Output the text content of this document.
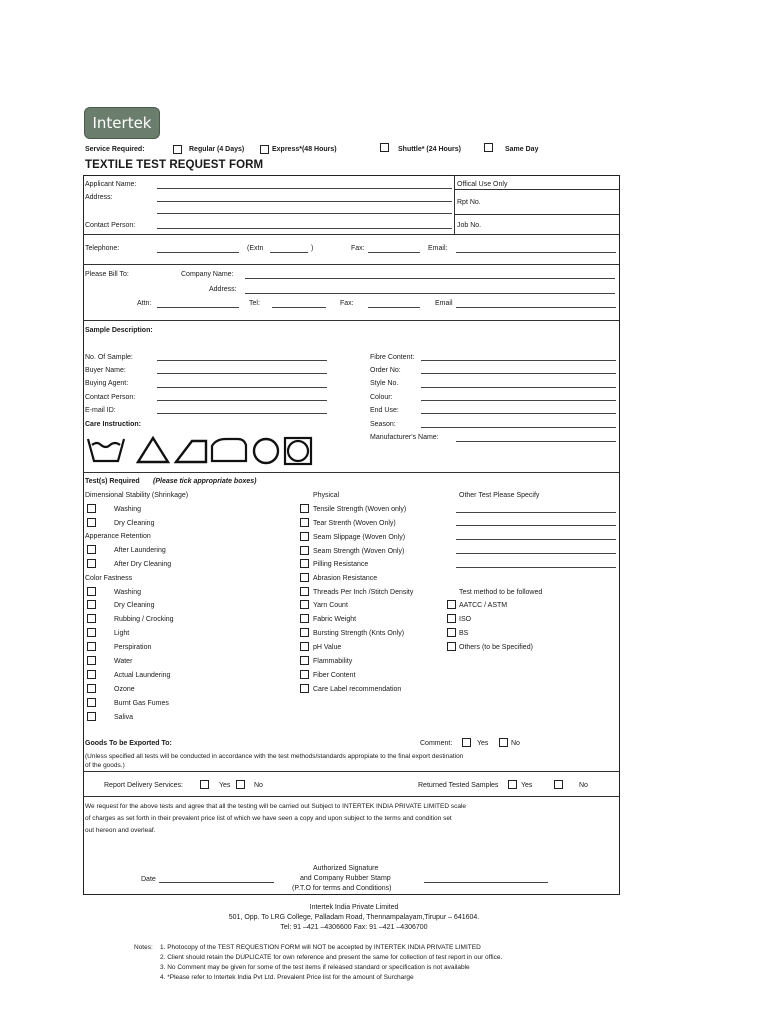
Intertek
Service Required:	Regular (4 Days)	Express*(48 Hours)	Shuttle* (24 Hours)	Same Day
TEXTILE TEST REQUEST FORM
Applicant Name:
Address:
Contact Person:
Offical Use Only
Rpt No.
Job No.
Telephone:	(Extn	)	Fax:	Email:
Please Bill To:	Company Name:
Address:
Attn:	Tel:	Fax:	Email
Sample Description:
No. Of Sample:
Buyer Name:
Buying Agent:
Contact Person:
E-mail ID:
Care Instruction:
Fibre Content:
Order No:
Style No.
Colour:
End Use:
Season:
Manufacturer's Name:
Test(s) Required (Please tick appropriate boxes)
Dimensional Stability (Shrinkage)
Washing
Dry Cleaning
Apperance Retention
After Laundering
After Dry Cleaning
Color Fastness
Washing
Dry Cleaning
Rubbing / Crocking
Light
Perspiration
Water
Actual Laundering
Ozone
Burnt Gas Fumes
Saliva
Physical
Tensile Strength (Woven only)
Tear Strenth (Woven Only)
Seam Slippage (Woven Only)
Seam Strength (Woven Only)
Pilling Resistance
Abrasion Resistance
Threads Per Inch /Stitch Density
Yarn Count
Fabric Weight
Bursting Strength (Knts Only)
pH Value
Flammability
Fiber Content
Care Label recommendation
Other Test Please Specify
Test method to be followed
AATCC / ASTM
ISO
BS
Others (to be Specified)
Goods To be Exported To:	Comment:	Yes	No
(Unless specified all tests will be conducted in accordance with the test methods/standards appropiate to the final export destination
of the goods.)
Report Delivery Services:	Yes	No	Returned Tested Samples	Yes	No
We request for the above tests and agree that all the testing will be carried out Subject to INTERTEK INDIA PRIVATE LIMITED scale
of charges as set forth in their prevalent price list of which we have seen a copy and upon subject to the terms and condition set
out hereon and overleaf.
Date
Authorized Signature
and Company Rubber Stamp
(P.T.O for terms and Conditions)
Intertek India Private Limited
501, Opp. To LRG College, Palladam Road, Thennampalayam,Tirupur – 641604.
Tel: 91 –421 –4306600 Fax: 91 –421 –4306700
Notes: 1. Photocopy of the TEST REQUESTION FORM will NOT be accepted by INTERTEK INDIA PRIVATE LIMITED
2. Client should retain the DUPLICATE for own reference and present the same for collection of test report in our office.
3. No Comment may be given for some of the test items if released standard or specification is not available
4. *Please refer to Intertek India Pvt Ltd. Prevalent Price list for the amount of Surcharge
